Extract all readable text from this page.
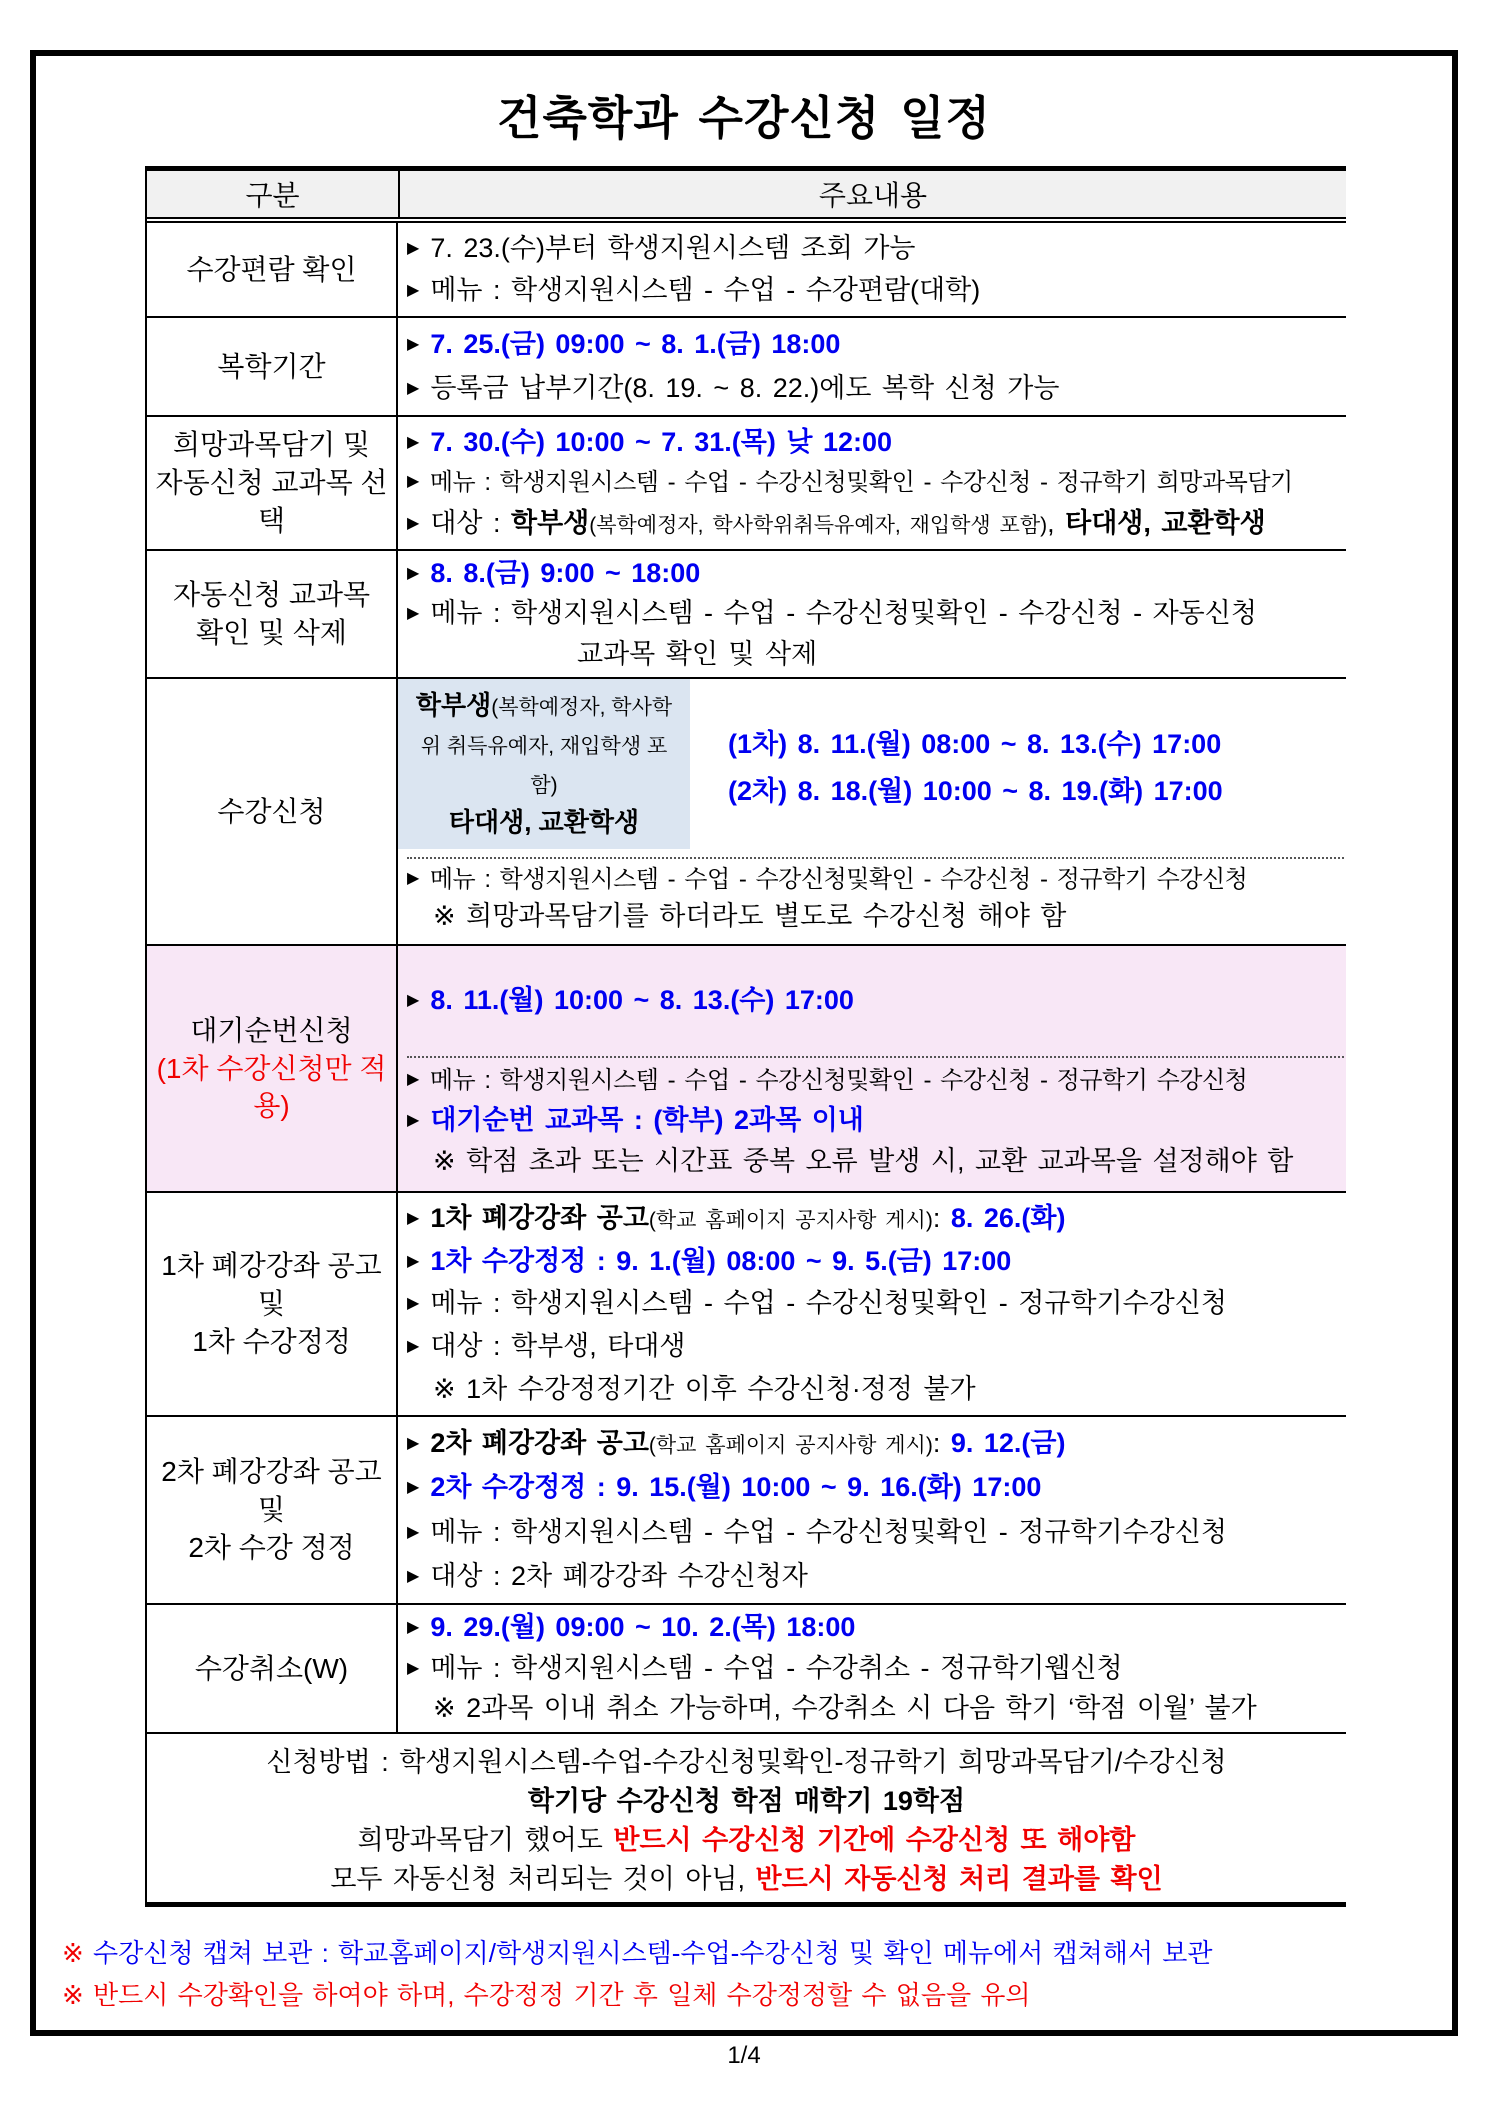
건축학과 수강신청 일정
구분	주요내용
수강편람 확인
▶ 7. 23.(수)부터 학생지원시스템 조회 가능
▶ 메뉴 : 학생지원시스템 - 수업 - 수강편람(대학)
복학기간
▶ 7. 25.(금) 09:00 ~ 8. 1.(금) 18:00
▶ 등록금 납부기간(8. 19. ~ 8. 22.)에도 복학 신청 가능
희망과목담기 및
자동신청 교과목 선택
▶ 7. 30.(수) 10:00 ~ 7. 31.(목) 낮 12:00
▶ 메뉴 : 학생지원시스템 - 수업 - 수강신청및확인 - 수강신청 - 정규학기 희망과목담기
▶ 대상 : 학부생(복학예정자, 학사학위취득유예자, 재입학생 포함), 타대생, 교환학생
자동신청 교과목
확인 및 삭제
▶ 8. 8.(금) 9:00 ~ 18:00
▶ 메뉴 : 학생지원시스템 - 수업 - 수강신청및확인 - 수강신청 - 자동신청
교과목 확인 및 삭제
수강신청
학부생(복학예정자, 학사학위 취득유예자, 재입학생 포함)
타대생, 교환학생
(1차) 8. 11.(월) 08:00 ~ 8. 13.(수) 17:00
(2차) 8. 18.(월) 10:00 ~ 8. 19.(화) 17:00
▶ 메뉴 : 학생지원시스템 - 수업 - 수강신청및확인 - 수강신청 - 정규학기 수강신청
※ 희망과목담기를 하더라도 별도로 수강신청 해야 함
대기순번신청
(1차 수강신청만 적용)
▶ 8. 11.(월) 10:00 ~ 8. 13.(수) 17:00
▶ 메뉴 : 학생지원시스템 - 수업 - 수강신청및확인 - 수강신청 - 정규학기 수강신청
▶ 대기순번 교과목 : (학부) 2과목 이내
※ 학점 초과 또는 시간표 중복 오류 발생 시, 교환 교과목을 설정해야 함
1차 폐강강좌 공고
및
1차 수강정정
▶ 1차 폐강강좌 공고(학교 홈페이지 공지사항 게시): 8. 26.(화)
▶ 1차 수강정정 : 9. 1.(월) 08:00 ~ 9. 5.(금) 17:00
▶ 메뉴 : 학생지원시스템 - 수업 - 수강신청및확인 - 정규학기수강신청
▶ 대상 : 학부생, 타대생
※ 1차 수강정정기간 이후 수강신청·정정 불가
2차 폐강강좌 공고
및
2차 수강 정정
▶ 2차 폐강강좌 공고(학교 홈페이지 공지사항 게시): 9. 12.(금)
▶ 2차 수강정정 : 9. 15.(월) 10:00 ~ 9. 16.(화) 17:00
▶ 메뉴 : 학생지원시스템 - 수업 - 수강신청및확인 - 정규학기수강신청
▶ 대상 : 2차 폐강강좌 수강신청자
수강취소(W)
▶ 9. 29.(월) 09:00 ~ 10. 2.(목) 18:00
▶ 메뉴 : 학생지원시스템 - 수업 - 수강취소 - 정규학기웹신청
※ 2과목 이내 취소 가능하며, 수강취소 시 다음 학기 ‘학점 이월’ 불가
신청방법 : 학생지원시스템-수업-수강신청및확인-정규학기 희망과목담기/수강신청
학기당 수강신청 학점 매학기 19학점
희망과목담기 했어도 반드시 수강신청 기간에 수강신청 또 해야함
모두 자동신청 처리되는 것이 아님, 반드시 자동신청 처리 결과를 확인
※ 수강신청 캡쳐 보관 : 학교홈페이지/학생지원시스템-수업-수강신청 및 확인 메뉴에서 캡쳐해서 보관
※ 반드시 수강확인을 하여야 하며, 수강정정 기간 후 일체 수강정정할 수 없음을 유의
1/4
